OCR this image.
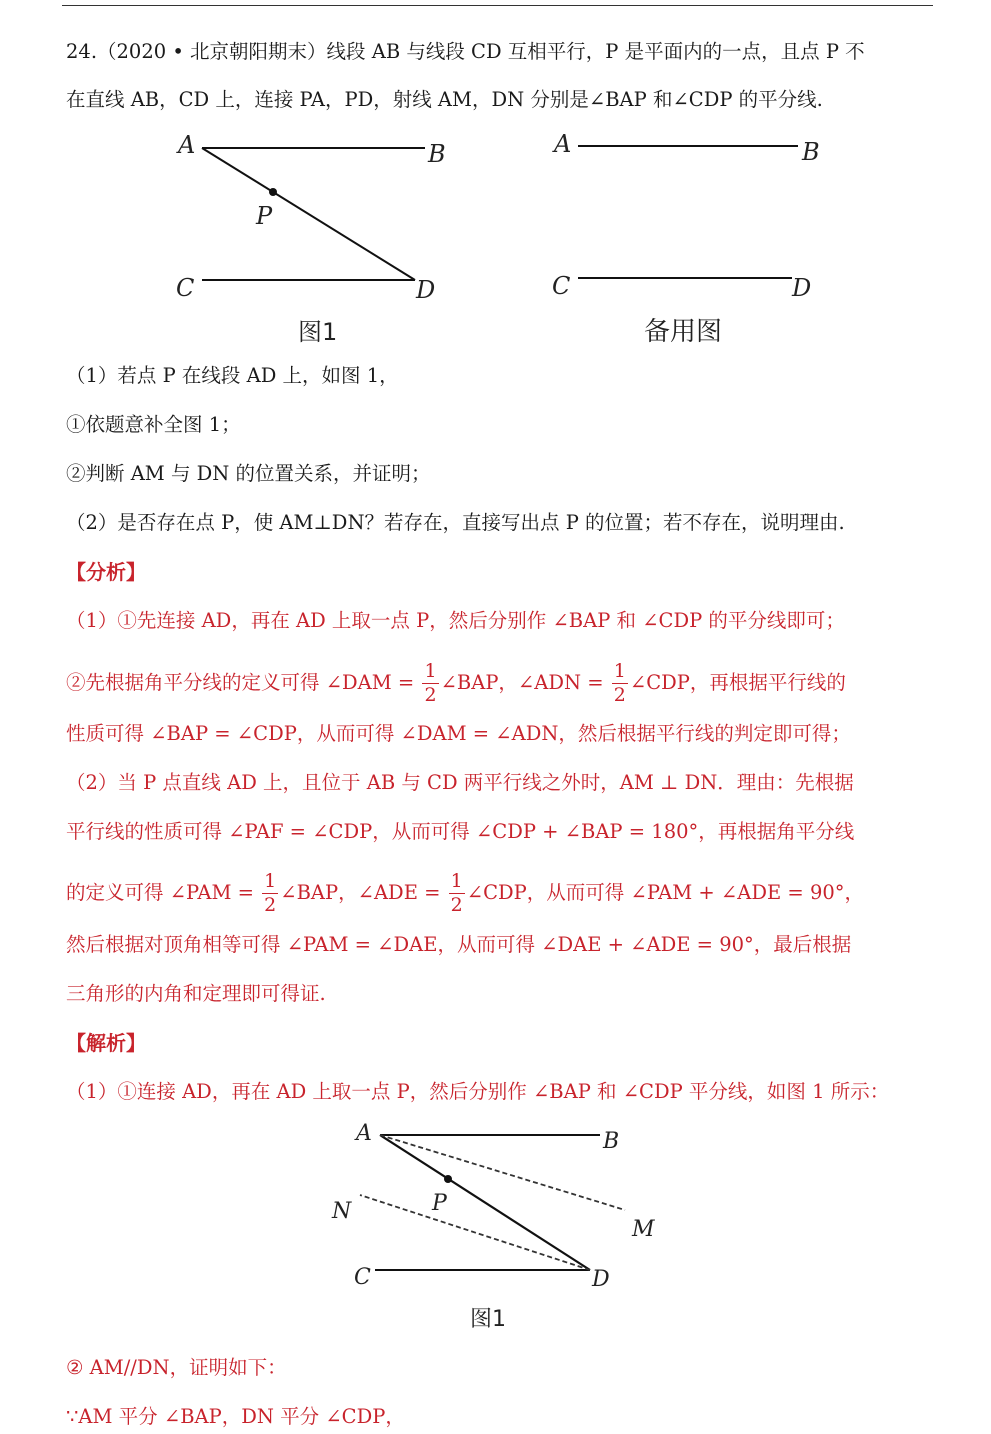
24.（2020 • 北京朝阳期末）线段 AB 与线段 CD 互相平行，P 是平面内的一点，且点 P 不
在直线 AB，CD 上，连接 PA，PD，射线 AM，DN 分别是∠BAP 和∠CDP 的平分线.
A	B
P
C	D
图1
A	B
C	D
备用图
（1）若点 P 在线段 AD 上，如图 1，
①依题意补全图 1；
②判断 AM 与 DN 的位置关系，并证明；
（2）是否存在点 P，使 AM⊥DN？若存在，直接写出点 P 的位置；若不存在，说明理由.
【分析】
（1）①先连接 AD，再在 AD 上取一点 P，然后分别作 ∠BAP 和 ∠CDP 的平分线即可；
②先根据角平分线的定义可得 ∠DAM = $\frac{1}{2}$ ∠BAP，∠ADN = $\frac{1}{2}$ ∠CDP，再根据平行线的
性质可得 ∠BAP = ∠CDP，从而可得 ∠DAM = ∠ADN，然后根据平行线的判定即可得；
（2）当 P 点直线 AD 上，且位于 AB 与 CD 两平行线之外时，AM ⊥ DN．理由：先根据
平行线的性质可得 ∠PAF = ∠CDP，从而可得 ∠CDP + ∠BAP = 180°，再根据角平分线
的定义可得 ∠PAM = $\frac{1}{2}$ ∠BAP，∠ADE = $\frac{1}{2}$ ∠CDP，从而可得 ∠PAM + ∠ADE = 90°，
然后根据对顶角相等可得 ∠PAM = ∠DAE，从而可得 ∠DAE + ∠ADE = 90°，最后根据
三角形的内角和定理即可得证.
【解析】
（1）①连接 AD，再在 AD 上取一点 P，然后分别作 ∠BAP 和 ∠CDP 平分线，如图 1 所示：
A	B
N	P
M
C	D
图1
② AM//DN，证明如下：
∵AM 平分 ∠BAP，DN 平分 ∠CDP，
